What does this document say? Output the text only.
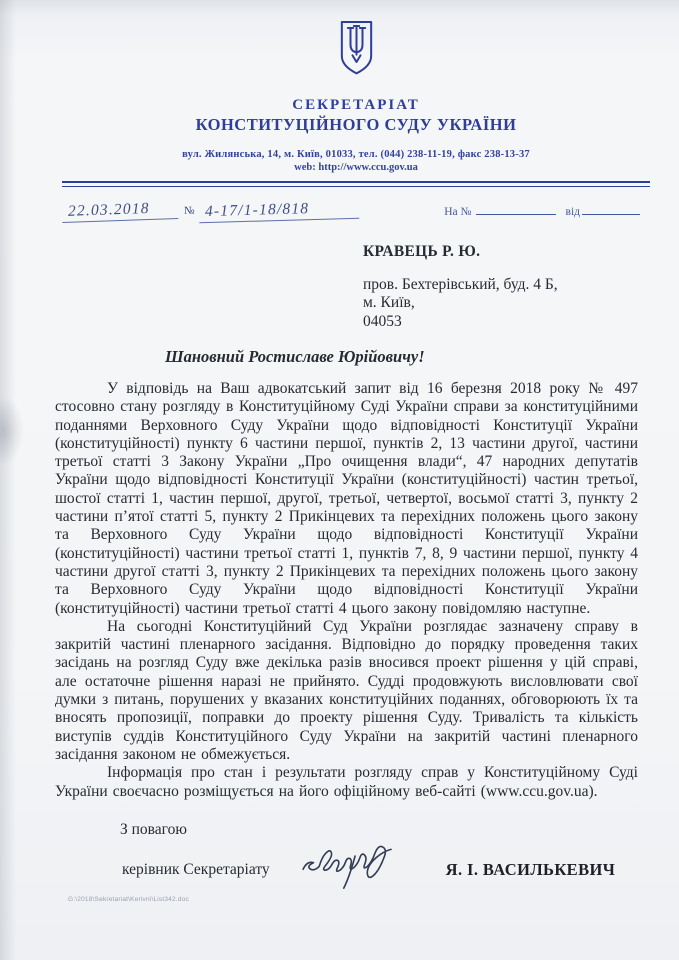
СЕКРЕТАРІАТ
КОНСТИТУЦІЙНОГО СУДУ УКРАЇНИ
вул. Жилянська, 14, м. Київ, 01033, тел. (044) 238-11-19, факс 238-13-37
web: http://www.ccu.gov.ua
22.03.2018	№ 4-17/1-18/818	На №	від
КРАВЕЦЬ Р. Ю.
пров. Бехтерівський, буд. 4 Б,
м. Київ,
04053
Шановний Ростиславе Юрійовичу!

У відповідь на Ваш адвокатський запит від 16 березня 2018 року № 497 стосовно стану розгляду в Конституційному Суді України справи за конституційними поданнями Верховного Суду України щодо відповідності Конституції України (конституційності) пункту 6 частини першої, пунктів 2, 13 частини другої, частини третьої статті 3 Закону України „Про очищення влади“, 47 народних депутатів України щодо відповідності Конституції України (конституційності) частин третьої, шостої статті 1, частин першої, другої, третьої, четвертої, восьмої статті 3, пункту 2 частини п’ятої статті 5, пункту 2 Прикінцевих та перехідних положень цього закону та Верховного Суду України щодо відповідності Конституції України (конституційності) частини третьої статті 1, пунктів 7, 8, 9 частини першої, пункту 4 частини другої статті 3, пункту 2 Прикінцевих та перехідних положень цього закону та Верховного Суду України щодо відповідності Конституції України (конституційності) частини третьої статті 4 цього закону повідомляю наступне.

На сьогодні Конституційний Суд України розглядає зазначену справу в закритій частині пленарного засідання. Відповідно до порядку проведення таких засідань на розгляд Суду вже декілька разів вносився проект рішення у цій справі, але остаточне рішення наразі не прийнято. Судді продовжують висловлювати свої думки з питань, порушених у вказаних конституційних поданнях, обговорюють їх та вносять пропозиції, поправки до проекту рішення Суду. Тривалість та кількість виступів суддів Конституційного Суду України на закритій частині пленарного засідання законом не обмежується.

Інформація про стан і результати розгляду справ у Конституційному Суді України своєчасно розміщується на його офіційному веб-сайті (www.ccu.gov.ua).

З повагою
керівник Секретаріату	Я. І. ВАСИЛЬКЕВИЧ
G:\2018\Sekretariat\Kerivni\List342.doc
